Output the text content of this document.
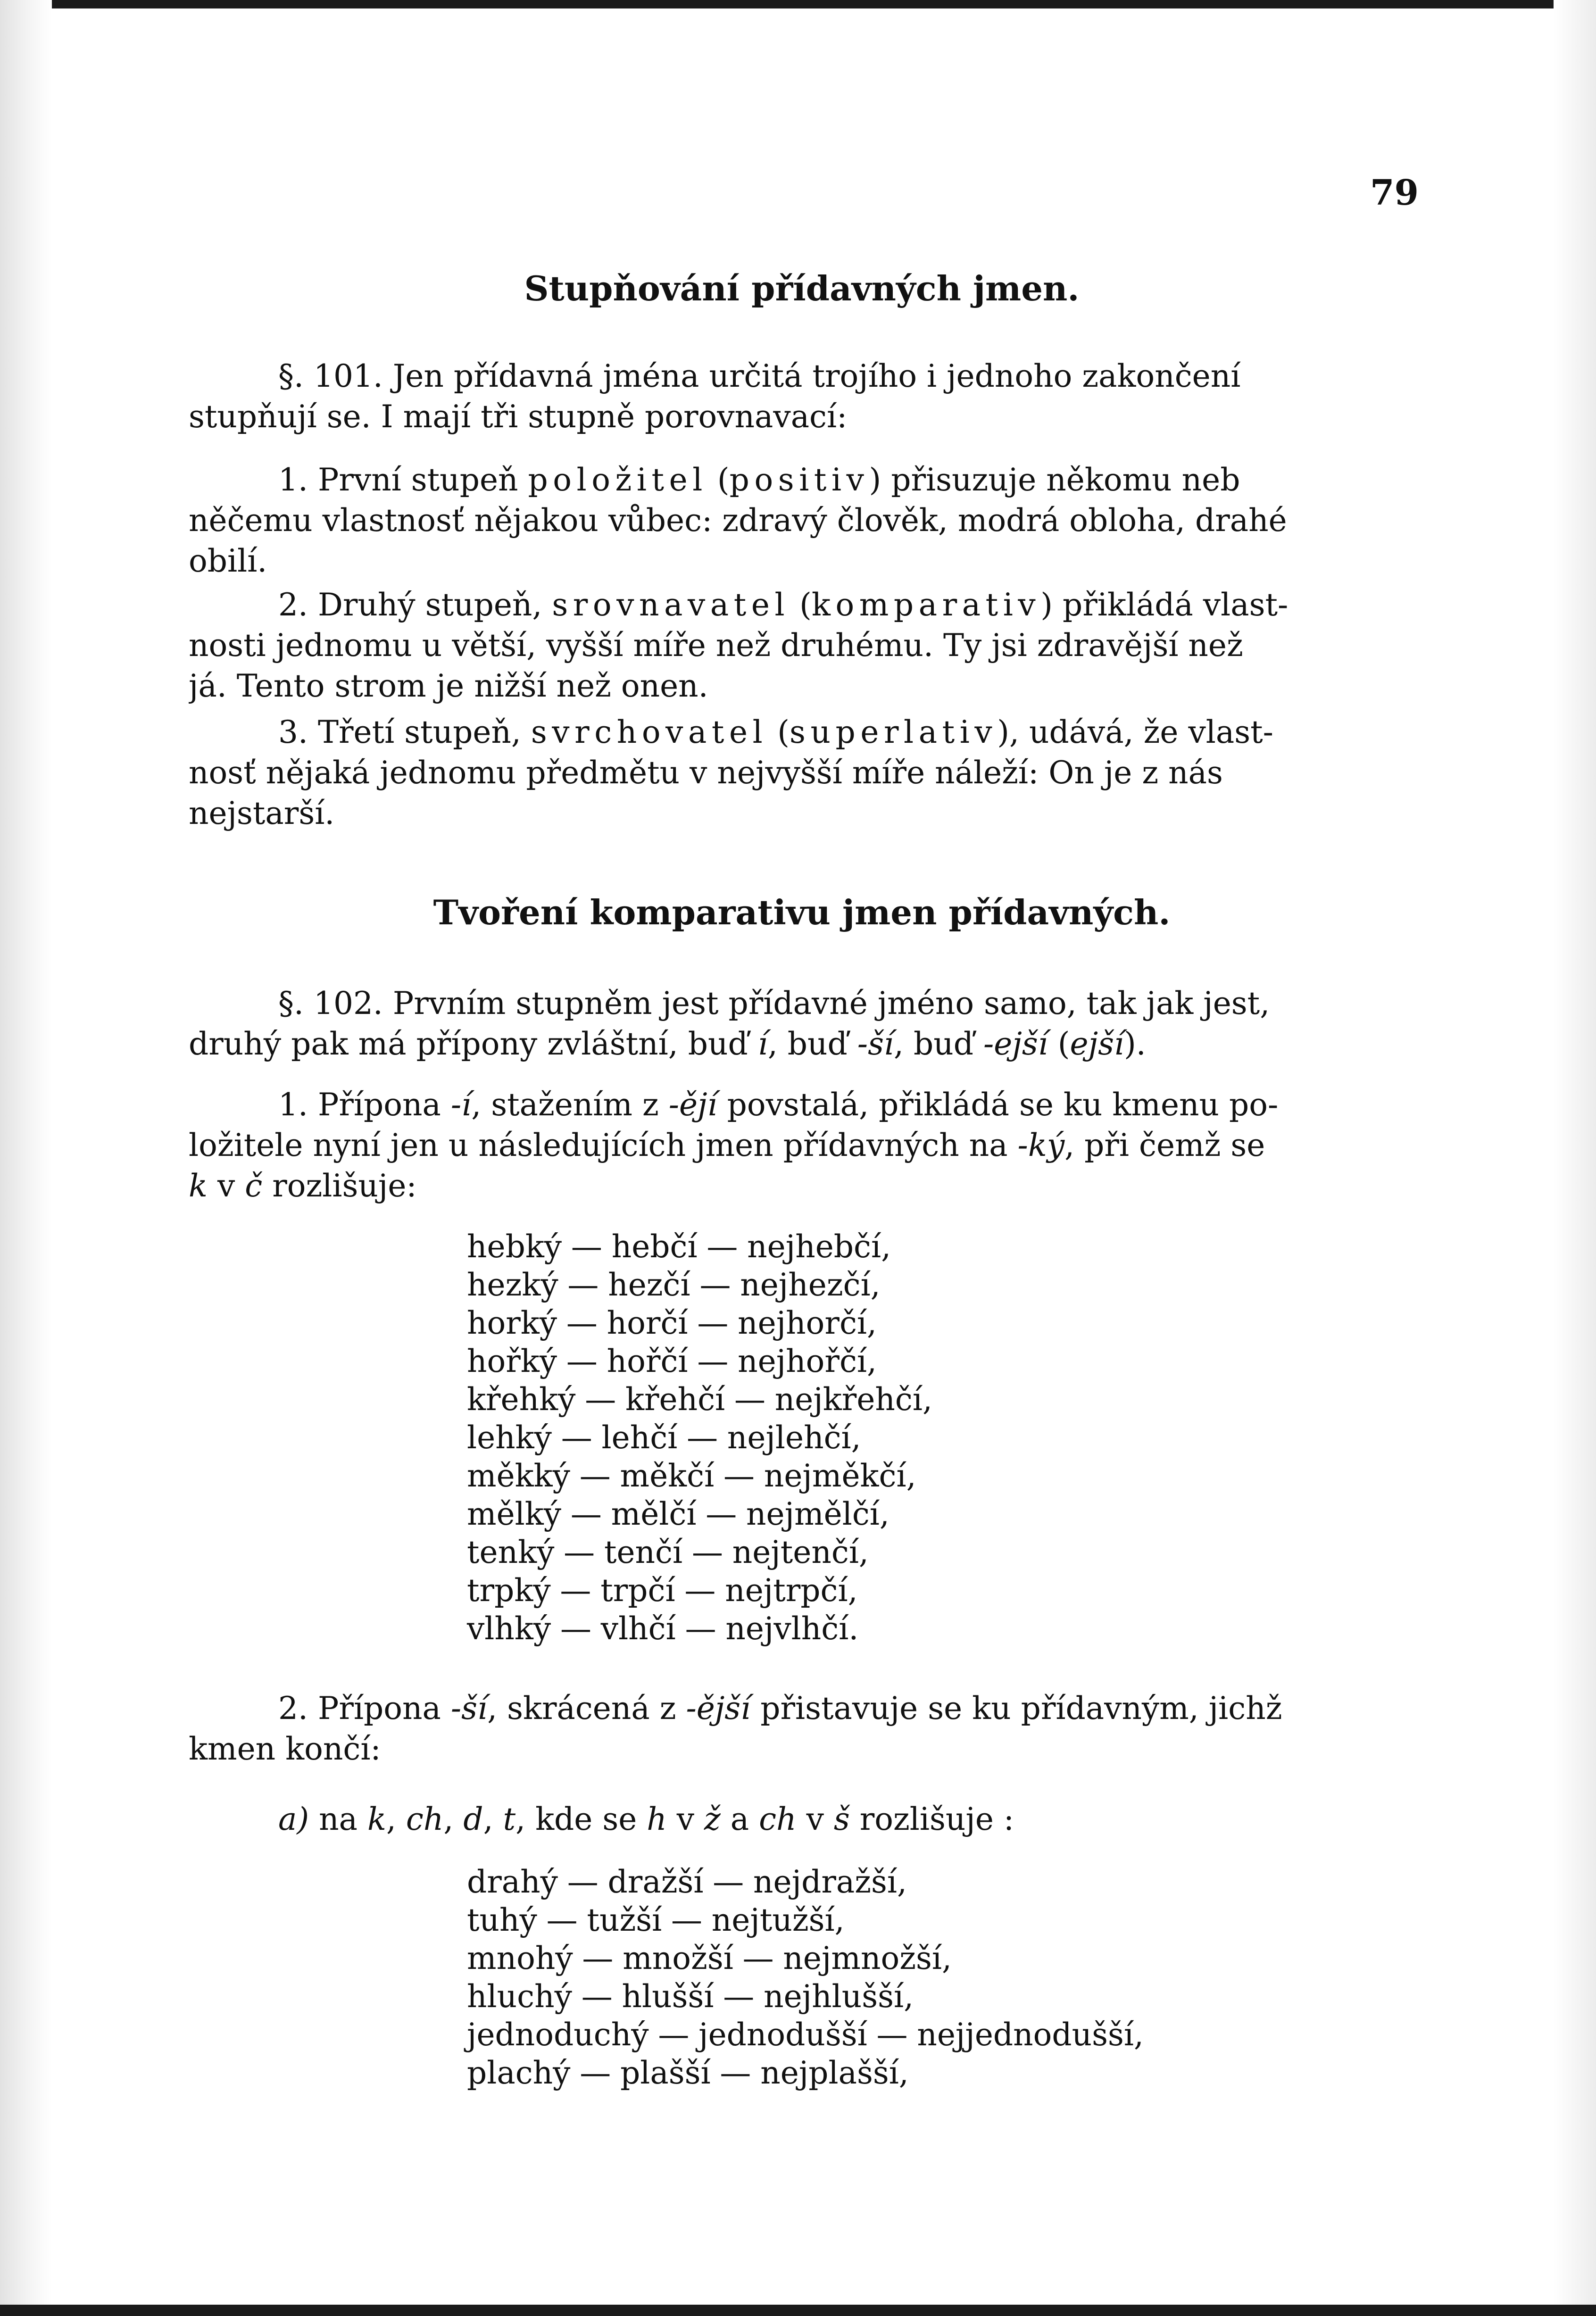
79
Stupňování přídavných jmen.

§. 101. Jen přídavná jména určitá trojího i jednoho zakončení
stupňují se. I mají tři stupně porovnavací:

1. První stupeň položitel (positiv) přisuzuje někomu neb
něčemu vlastnosť nějakou vůbec: zdravý člověk, modrá obloha, drahé
obilí.

2. Druhý stupeň, srovnavatel (komparativ) přikládá vlast-
nosti jednomu u větší, vyšší míře než druhému. Ty jsi zdravější než
já. Tento strom je nižší než onen.

3. Třetí stupeň, svrchovatel (superlativ), udává, že vlast-
nosť nějaká jednomu předmětu v nejvyšší míře náleží: On je z nás
nejstarší.

Tvoření komparativu jmen přídavných.

§. 102. Prvním stupněm jest přídavné jméno samo, tak jak jest,
druhý pak má přípony zvláštní, buď í, buď -ší, buď -ejší (ejší).

1. Přípona -í, stažením z -ějí povstalá, přikládá se ku kmenu po-
ložitele nyní jen u následujících jmen přídavných na -ký, při čemž se
k v č rozlišuje:

hebký — hebčí — nejhebčí,
hezký — hezčí — nejhezčí,
horký — horčí — nejhorčí,
hořký — hořčí — nejhořčí,
křehký — křehčí — nejkřehčí,
lehký — lehčí — nejlehčí,
měkký — měkčí — nejměkčí,
mělký — mělčí — nejmělčí,
tenký — tenčí — nejtenčí,
trpký — trpčí — nejtrpčí,
vlhký — vlhčí — nejvlhčí.

2. Přípona -ší, skrácená z -ější přistavuje se ku přídavným, jichž
kmen končí:

a) na k, ch, d, t, kde se h v ž a ch v š rozlišuje :

drahý — dražší — nejdražší,
tuhý — tužší — nejtužší,
mnohý — množší — nejmnožší,
hluchý — hlušší — nejhlušší,
jednoduchý — jednodušší — nejjednodušší,
plachý — plašší — nejplašší,
